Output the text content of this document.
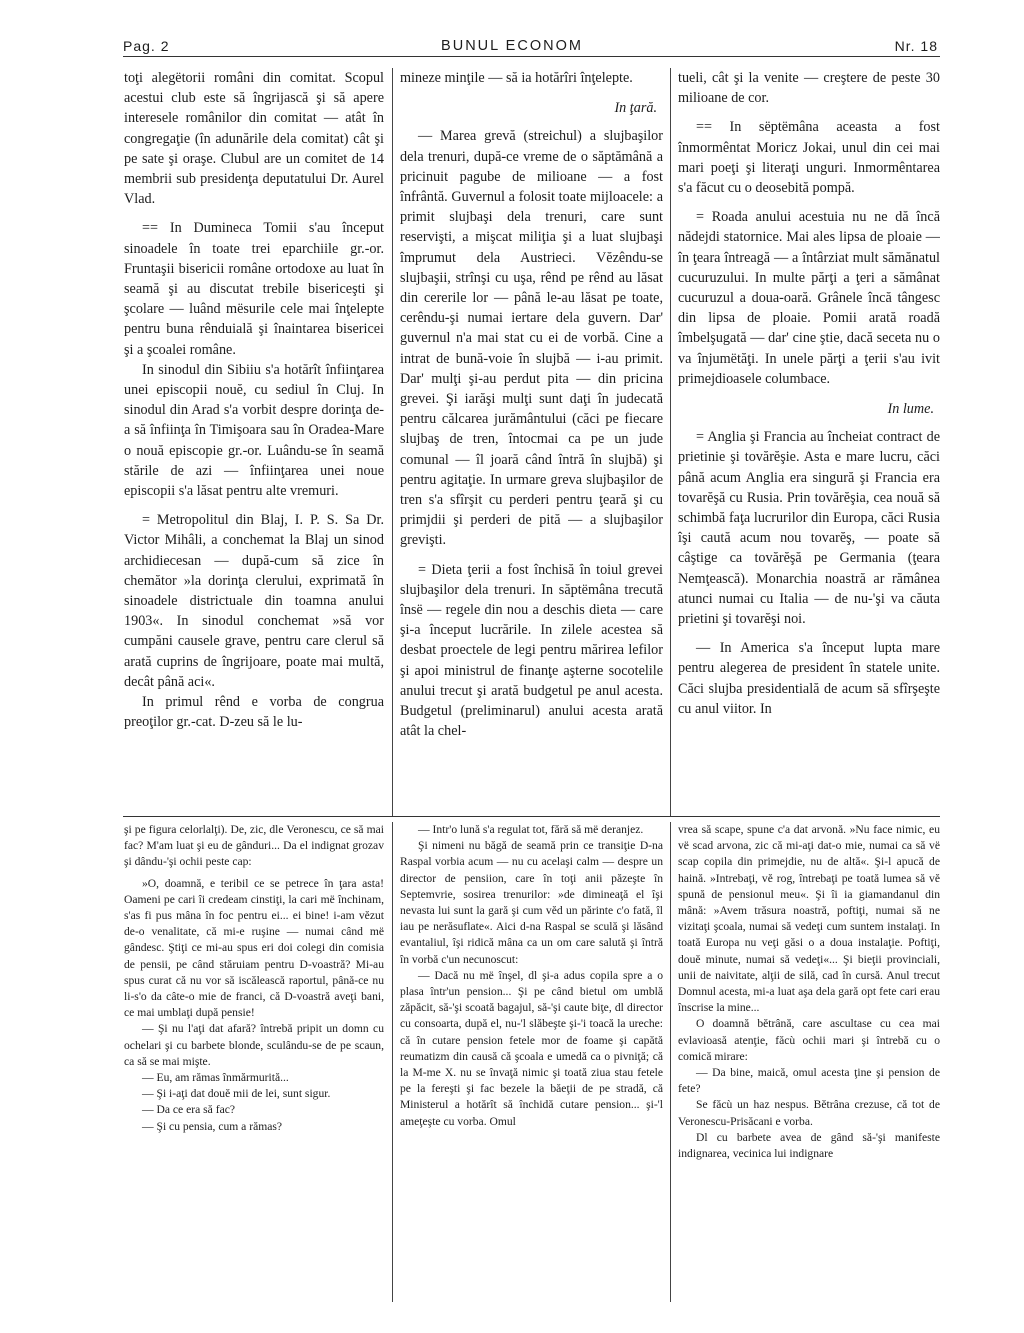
Pag. 2	BUNUL ECONOM	Nr. 18

toţi alegëtorii români din comitat. Scopul acestui club este să îngrijască şi să apere interesele românilor din comitat — atât în congregaţie (în adunările dela comitat) cât şi pe sate şi oraşe. Clubul are un comitet de 14 membrii sub presidenţa deputatului Dr. Aurel Vlad.

== In Dumineca Tomii s'au început sinoadele în toate trei eparchiile gr.-or. Fruntaşii bisericii române ortodoxe au luat în seamă şi au discutat trebile bisericeşti şi şcolare — luând mësurile cele mai înţelepte pentru buna rênduială şi înaintarea bisericei şi a şcoalei române.

In sinodul din Sibiiu s'a hotărît înfiinţarea unei episcopii nouĕ, cu sediul în Cluj. In sinodul din Arad s'a vorbit despre dorinţa de-a să înfiinţa în Timişoara sau în Oradea-Mare o nouă episcopie gr.-or. Luându-se în seamă stările de azi — înfiinţarea unei noue episcopii s'a lăsat pentru alte vremuri.

= Metropolitul din Blaj, I. P. S. Sa Dr. Victor Mihâli, a conchemat la Blaj un sinod archidiecesan — după-cum să zice în chemător »la dorinţa clerului, exprimată în sinoadele districtuale din toamna anului 1903«. In sinodul conchemat »să vor cumpăni causele grave, pentru care clerul să arată cuprins de îngrijoare, poate mai multă, decât până aci«.

In primul rênd e vorba de congrua preoţilor gr.-cat. D-zeu să le lu-

mineze minţile — să ia hotărîri înţelepte.

In ţară.

— Marea grevă (streichul) a slujbaşilor dela trenuri, după-ce vreme de o săptămână a pricinuit pagube de milioane — a fost înfrântă. Guvernul a folosit toate mijloacele: a primit slujbaşi dela trenuri, care sunt reservişti, a mişcat miliţia şi a luat slujbaşi împrumut dela Austrieci. Vĕzêndu-se slujbaşii, strînşi cu uşa, rênd pe rênd au lăsat din cererile lor — până le-au lăsat pe toate, cerêndu-şi numai iertare dela guvern. Dar' guvernul n'a mai stat cu ei de vorbă. Cine a intrat de bună-voie în slujbă — i-au primit. Dar' mulţi şi-au perdut pita — din pricina grevei. Şi iarăşi mulţi sunt daţi în judecată pentru călcarea jurământului (căci pe fiecare slujbaş de tren, întocmai ca pe un jude comunal — îl joară când întră în slujbă) şi pentru agitaţie. In urmare greva slujbaşilor de tren s'a sfîrşit cu perderi pentru ţeară şi cu primjdii şi perderi de pită — a slujbaşilor grevişti.

= Dieta ţerii a fost închisă în toiul grevei slujbaşilor dela trenuri. In săptëmâna trecută însë — regele din nou a deschis dieta — care şi-a început lucrările. In zilele acestea să desbat proectele de legi pentru mărirea lefilor şi apoi ministrul de finanţe aşterne socotelile anului trecut şi arată budgetul pe anul acesta. Budgetul (preliminarul) anului acesta arată atât la chel-

tueli, cât şi la venite — creştere de peste 30 milioane de cor.

== In sëptëmâna aceasta a fost înmormêntat Moricz Jokai, unul din cei mai mari poeţi şi literaţi unguri. Inmormêntarea s'a făcut cu o deosebită pompă.

= Roada anului acestuia nu ne dă încă nădejdi statornice. Mai ales lipsa de ploaie — în ţeara întreagă — a întârziat mult sămănatul cucuruzului. In multe părţi a ţeri a sămânat cucuruzul a doua-oară. Grânele încă tângesc din lipsa de ploaie. Pomii arată roadă îmbelşugată — dar' cine ştie, dacă seceta nu o va înjumëtăţi. In unele părţi a ţerii s'au ivit primejdioasele columbace.

In lume.

= Anglia şi Francia au încheiat contract de prietinie şi tovărĕşie. Asta e mare lucru, căci până acum Anglia era singură şi Francia era tovarĕşă cu Rusia. Prin tovărĕşia, cea nouă să schimbă faţa lucrurilor din Europa, căci Rusia îşi caută acum nou tovarĕş, — poate să câştige ca tovărĕşă pe Germania (ţeara Nemţească). Monarchia noastră ar rămânea atunci numai cu Italia — de nu-'şi va căuta prietini şi tovarĕşi noi.

— In America s'a început lupta mare pentru alegerea de president în statele unite. Căci slujba presidentială de acum să sfîrşeşte cu anul viitor. In

şi pe figura celorlalţi). De, zic, dle Veronescu, ce să mai fac? M'am luat şi eu de gânduri... Da el indignat grozav şi dându-'şi ochii peste cap:

»O, doamnă, e teribil ce se petrece în ţara asta! Oameni pe cari îi credeam cinstiţi, la cari më închinam, s'as fi pus mâna în foc pentru ei... ei bine! i-am vĕzut de-o venalitate, că mi-e ruşine — numai când më gândesc. Ştiţi ce mi-au spus eri doi colegi din comisia de pensii, pe când stăruiam pentru D-voastră? Mi-au spus curat că nu vor să iscălească raportul, până-ce nu li-s'o da câte-o mie de franci, că D-voastră aveţi bani, ce mai umblaţi după pensie!

— Şi nu l'aţi dat afară? întrebă pripit un domn cu ochelari şi cu barbete blonde, sculându-se de pe scaun, ca să se mai mişte.

— Eu, am rămas înmărmurită...

— Şi i-aţi dat douĕ mii de lei, sunt sigur.

— Da ce era să fac?

— Şi cu pensia, cum a rămas?

— Intr'o lună s'a regulat tot, fără să më deranjez.

Şi nimeni nu băgă de seamă prin ce transiţie D-na Raspal vorbia acum — nu cu acelaşi calm — despre un director de pensiion, care în toţi anii păzeşte în Septemvrie, sosirea trenurilor: »de dimineaţă el îşi nevasta lui sunt la gară şi cum vĕd un părinte c'o fată, îl iau pe nerăsuflate«. Aici d-na Raspal se sculă şi lăsând evantaliul, îşi ridică mâna ca un om care salută şi întră în vorbă c'un necunoscut:

— Dacă nu më înşel, dl şi-a adus copila spre a o plasa într'un pension... Şi pe când bietul om umblă zăpăcit, să-'şi scoată bagajul, să-'şi caute biţe, dl director cu consoarta, după el, nu-'l slăbeşte şi-'i toacă la ureche: că în cutare pension fetele mor de foame şi capătă reumatizm din causă că şcoala e umedă ca o pivniţă; că la M-me X. nu se învaţă nimic şi toată ziua stau fetele pe la fereşti şi fac bezele la băeţii de pe stradă, că Ministerul a hotărît să închidă cutare pension... şi-'l ameţeşte cu vorba. Omul

vrea să scape, spune c'a dat arvonă. »Nu face nimic, eu vë scad arvona, zic că mi-aţi dat-o mie, numai ca să vë scap copila din primejdie, nu de altă«. Şi-l apucă de haină. »Intrebaţi, vĕ rog, întrebaţi pe toată lumea să vĕ spună de pensionul meu«. Şi îi ia giamandanul din mână: »Avem trăsura noastră, poftiţi, numai să ne vizitaţi şcoala, numai să vedeţi cum suntem instalaţi. In toată Europa nu veţi găsi o a doua instalaţie. Poftiţi, douĕ minute, numai să vedeţi«... Şi bieţii provinciali, unii de naivitate, alţii de silă, cad în cursă. Anul trecut Domnul acesta, mi-a luat aşa dela gară opt fete cari erau înscrise la mine...

O doamnă bĕtrână, care ascultase cu cea mai evlavioasă atenţie, făcù ochii mari şi întrebă cu o comică mirare:

— Da bine, maică, omul acesta ţine şi pension de fete?

Se făcù un haz nespus. Bĕtrâna crezuse, că tot de Veronescu-Prisăcani e vorba.

Dl cu barbete avea de gând să-'şi manifeste indignarea, vecinica lui indignare
